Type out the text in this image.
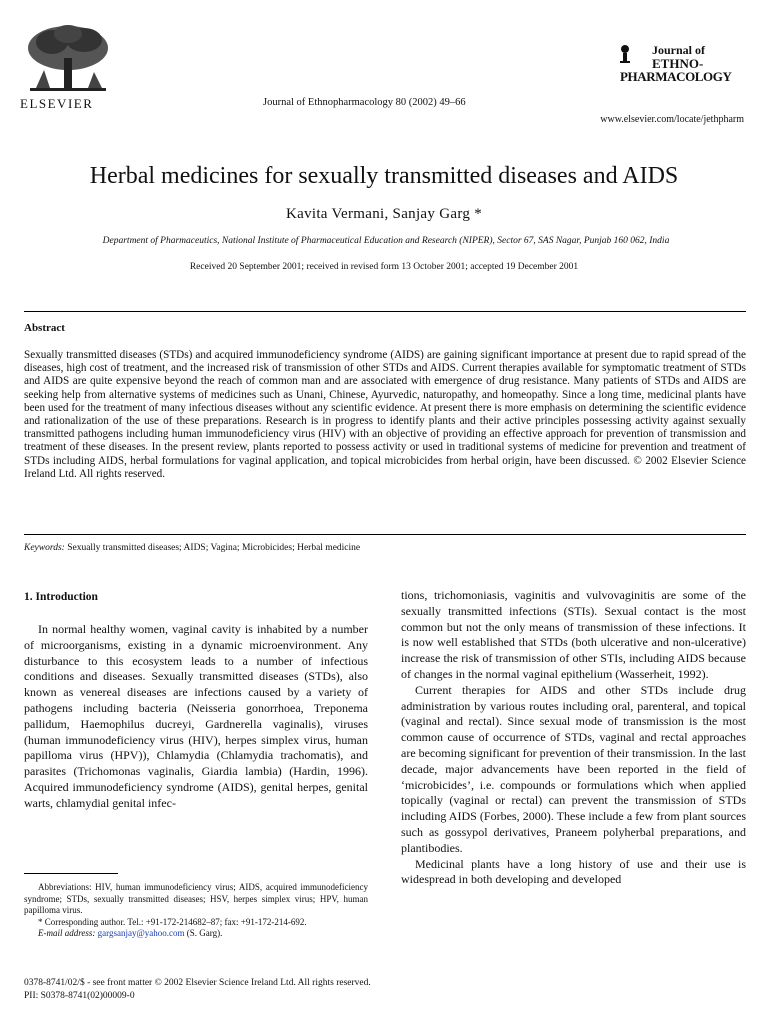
ELSEVIER	Journal of Ethnopharmacology 80 (2002) 49–66
www.elsevier.com/locate/jethpharm
Journal of
ETHNO-
PHARMACOLOGY
Herbal medicines for sexually transmitted diseases and AIDS
Kavita Vermani, Sanjay Garg *
Department of Pharmaceutics, National Institute of Pharmaceutical Education and Research (NIPER), Sector 67, SAS Nagar, Punjab 160 062, India
Received 20 September 2001; received in revised form 13 October 2001; accepted 19 December 2001
Abstract
Sexually transmitted diseases (STDs) and acquired immunodeficiency syndrome (AIDS) are gaining significant importance at present due to rapid spread of the diseases, high cost of treatment, and the increased risk of transmission of other STDs and AIDS. Current therapies available for symptomatic treatment of STDs and AIDS are quite expensive beyond the reach of common man and are associated with emergence of drug resistance. Many patients of STDs and AIDS are seeking help from alternative systems of medicines such as Unani, Chinese, Ayurvedic, naturopathy, and homeopathy. Since a long time, medicinal plants have been used for the treatment of many infectious diseases without any scientific evidence. At present there is more emphasis on determining the scientific evidence and rationalization of the use of these preparations. Research is in progress to identify plants and their active principles possessing activity against sexually transmitted pathogens including human immunodeficiency virus (HIV) with an objective of providing an effective approach for prevention of transmission and treatment of these diseases. In the present review, plants reported to possess activity or used in traditional systems of medicine for prevention and treatment of STDs including AIDS, herbal formulations for vaginal application, and topical microbicides from herbal origin, have been discussed. © 2002 Elsevier Science Ireland Ltd. All rights reserved.
Keywords: Sexually transmitted diseases; AIDS; Vagina; Microbicides; Herbal medicine
1. Introduction

In normal healthy women, vaginal cavity is inhabited by a number of microorganisms, existing in a dynamic microenvironment. Any disturbance to this ecosystem leads to a number of infectious conditions and diseases. Sexually transmitted diseases (STDs), also known as venereal diseases are infections caused by a variety of pathogens including bacteria (Neisseria gonorrhoea, Treponema pallidum, Haemophilus ducreyi, Gardnerella vaginalis), viruses (human immunodeficiency virus (HIV), herpes simplex virus, human papilloma virus (HPV)), Chlamydia (Chlamydia trachomatis), and parasites (Trichomonas vaginalis, Giardia lambia) (Hardin, 1996). Acquired immunodeficiency syndrome (AIDS), genital herpes, genital warts, chlamydial genital infec-

tions, trichomoniasis, vaginitis and vulvovaginitis are some of the sexually transmitted infections (STIs). Sexual contact is the most common but not the only means of transmission of these infections. It is now well established that STDs (both ulcerative and non-ulcerative) increase the risk of transmission of other STIs, including AIDS because of changes in the normal vaginal epithelium (Wasserheit, 1992).

Current therapies for AIDS and other STDs include drug administration by various routes including oral, parenteral, and topical (vaginal and rectal). Since sexual mode of transmission is the most common cause of occurrence of STDs, vaginal and rectal approaches are becoming significant for prevention of their transmission. In the last decade, major advancements have been reported in the field of ‘microbicides’, i.e. compounds or formulations which when applied topically (vaginal or rectal) can prevent the transmission of STDs including AIDS (Forbes, 2000). These include a few from plant sources such as gossypol derivatives, Praneem polyherbal preparations, and plantibodies.

Medicinal plants have a long history of use and their use is widespread in both developing and developed

Abbreviations: HIV, human immunodeficiency virus; AIDS, acquired immunodeficiency syndrome; STDs, sexually transmitted diseases; HSV, herpes simplex virus; HPV, human papilloma virus.

* Corresponding author. Tel.: +91-172-214682–87; fax: +91-172-214-692.

E-mail address: gargsanjay@yahoo.com (S. Garg).

0378-8741/02/$ - see front matter © 2002 Elsevier Science Ireland Ltd. All rights reserved.
PII: S0378-8741(02)00009-0
